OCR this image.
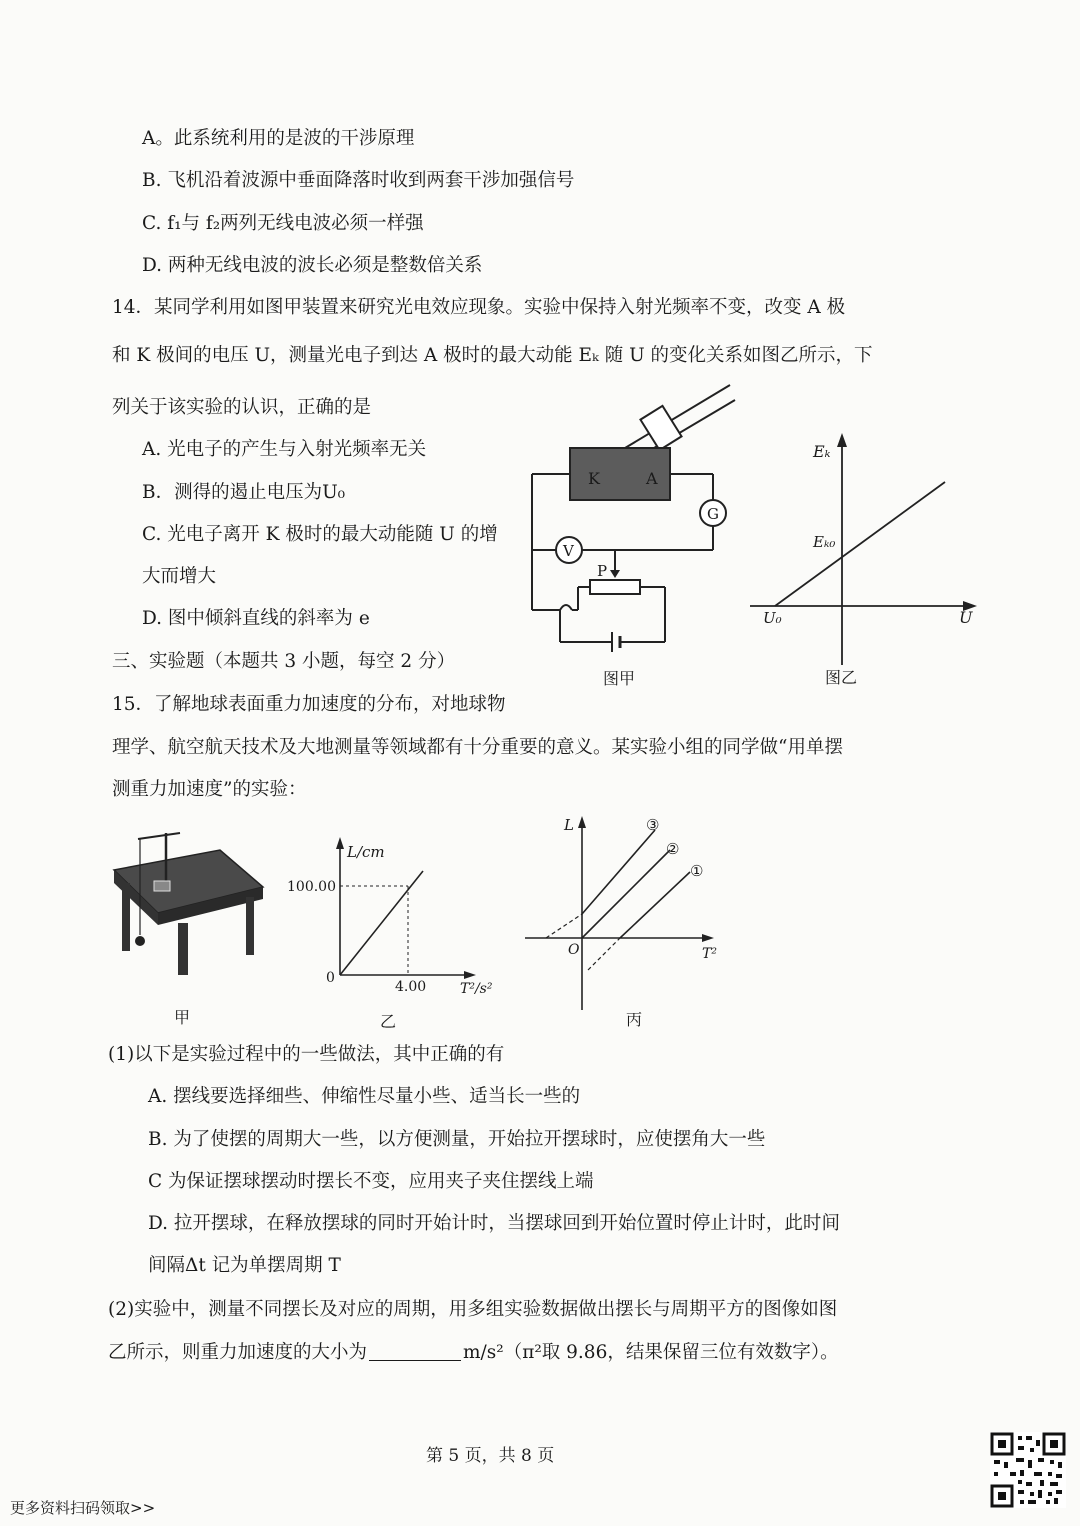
A。此系统利用的是波的干涉原理
B. 飞机沿着波源中垂面降落时收到两套干涉加强信号
C. f₁与 f₂两列无线电波必须一样强
D. 两种无线电波的波长必须是整数倍关系
14．某同学利用如图甲装置来研究光电效应现象。实验中保持入射光频率不变，改变 A 极
和 K 极间的电压 U，测量光电子到达 A 极时的最大动能 Eₖ 随 U 的变化关系如图乙所示，下
列关于该实验的认识，正确的是
A. 光电子的产生与入射光频率无关
B．测得的遏止电压为U₀
C. 光电子离开 K 极时的最大动能随 U 的增
大而增大
D. 图中倾斜直线的斜率为 e
K	A
G
V
P
图甲
Eₖ
Eₖ₀
U₀	U
图乙
三、实验题（本题共 3 小题，每空 2 分）
15．了解地球表面重力加速度的分布，对地球物
理学、航空航天技术及大地测量等领域都有十分重要的意义。某实验小组的同学做“用单摆
测重力加速度”的实验：
甲
L/cm
T²/s²
100.00
4.00
0
乙
L
T²
O
③
②
①
丙
(1)以下是实验过程中的一些做法，其中正确的有
A. 摆线要选择细些、伸缩性尽量小些、适当长一些的
B. 为了使摆的周期大一些，以方便测量，开始拉开摆球时，应使摆角大一些
C 为保证摆球摆动时摆长不变，应用夹子夹住摆线上端
D. 拉开摆球，在释放摆球的同时开始计时，当摆球回到开始位置时停止计时，此时间
间隔Δt 记为单摆周期 T
(2)实验中，测量不同摆长及对应的周期，用多组实验数据做出摆长与周期平方的图像如图
乙所示，则重力加速度的大小为	m/s²（π²取 9.86，结果保留三位有效数字）。
第 5 页，共 8 页
更多资料扫码领取>>
